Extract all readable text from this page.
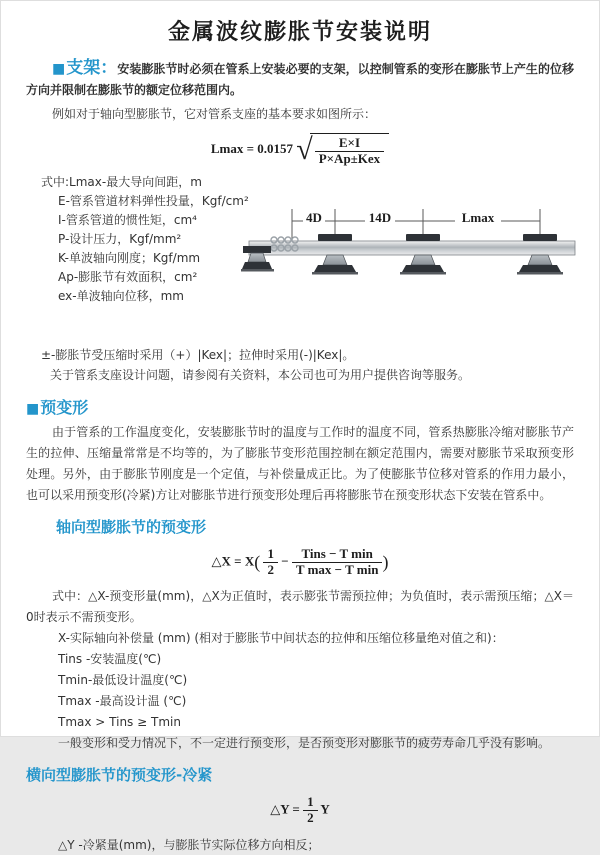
金属波纹膨胀节安装说明

■支架：安装膨胀节时必须在管系上安装必要的支架，以控制管系的变形在膨胀节上产生的位移方向并限制在膨胀节的额定位移范围内。

例如对于轴向型膨胀节，它对管系支座的基本要求如图所示：

Lmax = 0.0157 √ $\frac{E\times I}{\text{P×Ap±Kex}}$
式中:Lmax-最大导向间距，m
E-管系管道材料弹性投量，Kgf/cm²
I-管系管道的惯性矩，cm⁴
P-设计压力，Kgf/mm²
K-单波轴向刚度；Kgf/mm
Ap-膨胀节有效面积，cm²
ex-单波轴向位移，mm
4D	14D	Lmax
±-膨胀节受压缩时采用（+）|Kex|；拉伸时采用(-)|Kex|。
关于管系支座设计问题，请参阅有关资料，本公司也可为用户提供咨询等服务。
■预变形

由于管系的工作温度变化，安装膨胀节时的温度与工作时的温度不同，管系热膨胀冷缩对膨胀节产生的拉伸、压缩量常常是不均等的，为了膨胀节变形范围控制在额定范围内，需要对膨胀节采取预变形处理。另外，由于膨胀节刚度是一个定值，与补偿量成正比。为了使膨胀节位移对管系的作用力最小，也可以采用预变形(冷紧)方让对膨胀节进行预变形处理后再将膨胀节在预变形状态下安装在管系中。

轴向型膨胀节的预变形
△X = $X( \frac{1}{2} - \frac{\text{Tins − T min}}{\text{T max − T min}}$ )

式中：△X-预变形量(mm)，△X为正值时，表示膨张节需预拉伸；为负值时，表示需预压缩；△X＝0时表示不需预变形。

X-实际轴向补偿量 (mm) (相对于膨胀节中间状态的拉伸和压缩位移量绝对值之和)：
Tins -安装温度(℃)
Tmin-最低设计温度(℃)
Tmax -最高设计温 (℃)
Tmax > Tins ≥ Tmin
一般变形和受力情况下，不一定进行预变形，是否预变形对膨胀节的疲劳寿命几乎没有影响。
横向型膨胀节的预变形-冷紧
△Y = $\frac{1}{2}$ Y
△Y -冷紧量(mm)，与膨胀节实际位移方向相反；
